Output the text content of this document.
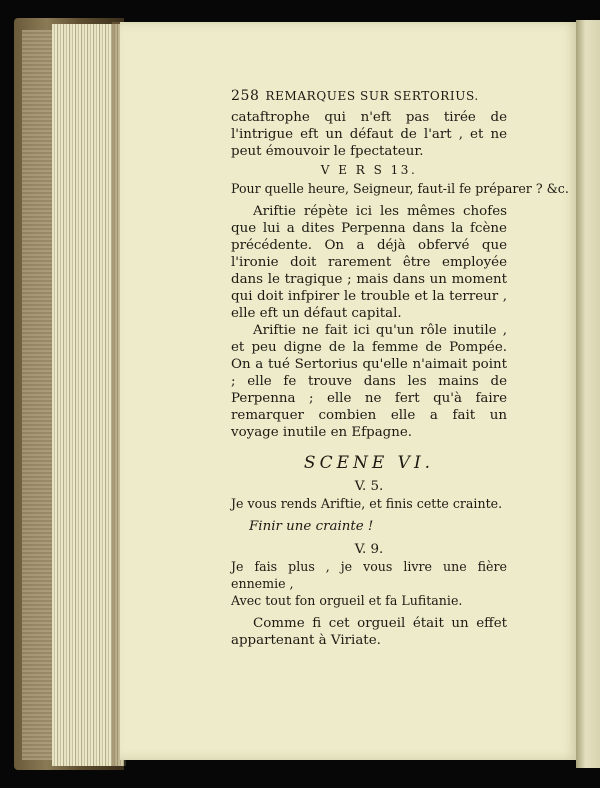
258 REMARQUES SUR SERTORIUS.

cataftrophe qui n'eft pas tirée de l'intrigue eft un défaut de l'art , et ne peut émouvoir le fpectateur.

V E R S 13.

Pour quelle heure, Seigneur, faut-il fe préparer ? &c.

Ariftie répète ici les mêmes chofes que lui a dites Perpenna dans la fcène précédente. On a déjà obfervé que l'ironie doit rarement être employée dans le tragique ; mais dans un moment qui doit infpirer le trouble et la terreur , elle eft un défaut capital.

Ariftie ne fait ici qu'un rôle inutile , et peu digne de la femme de Pompée. On a tué Sertorius qu'elle n'aimait point ; elle fe trouve dans les mains de Perpenna ; elle ne fert qu'à faire remarquer combien elle a fait un voyage inutile en Efpagne.

SCENE VI.
V. 5.

Je vous rends Ariftie, et finis cette crainte.

Finir une crainte !

V. 9.

Je fais plus , je vous livre une fière ennemie ,

Avec tout fon orgueil et fa Lufitanie.

Comme fi cet orgueil était un effet appartenant à Viriate.
